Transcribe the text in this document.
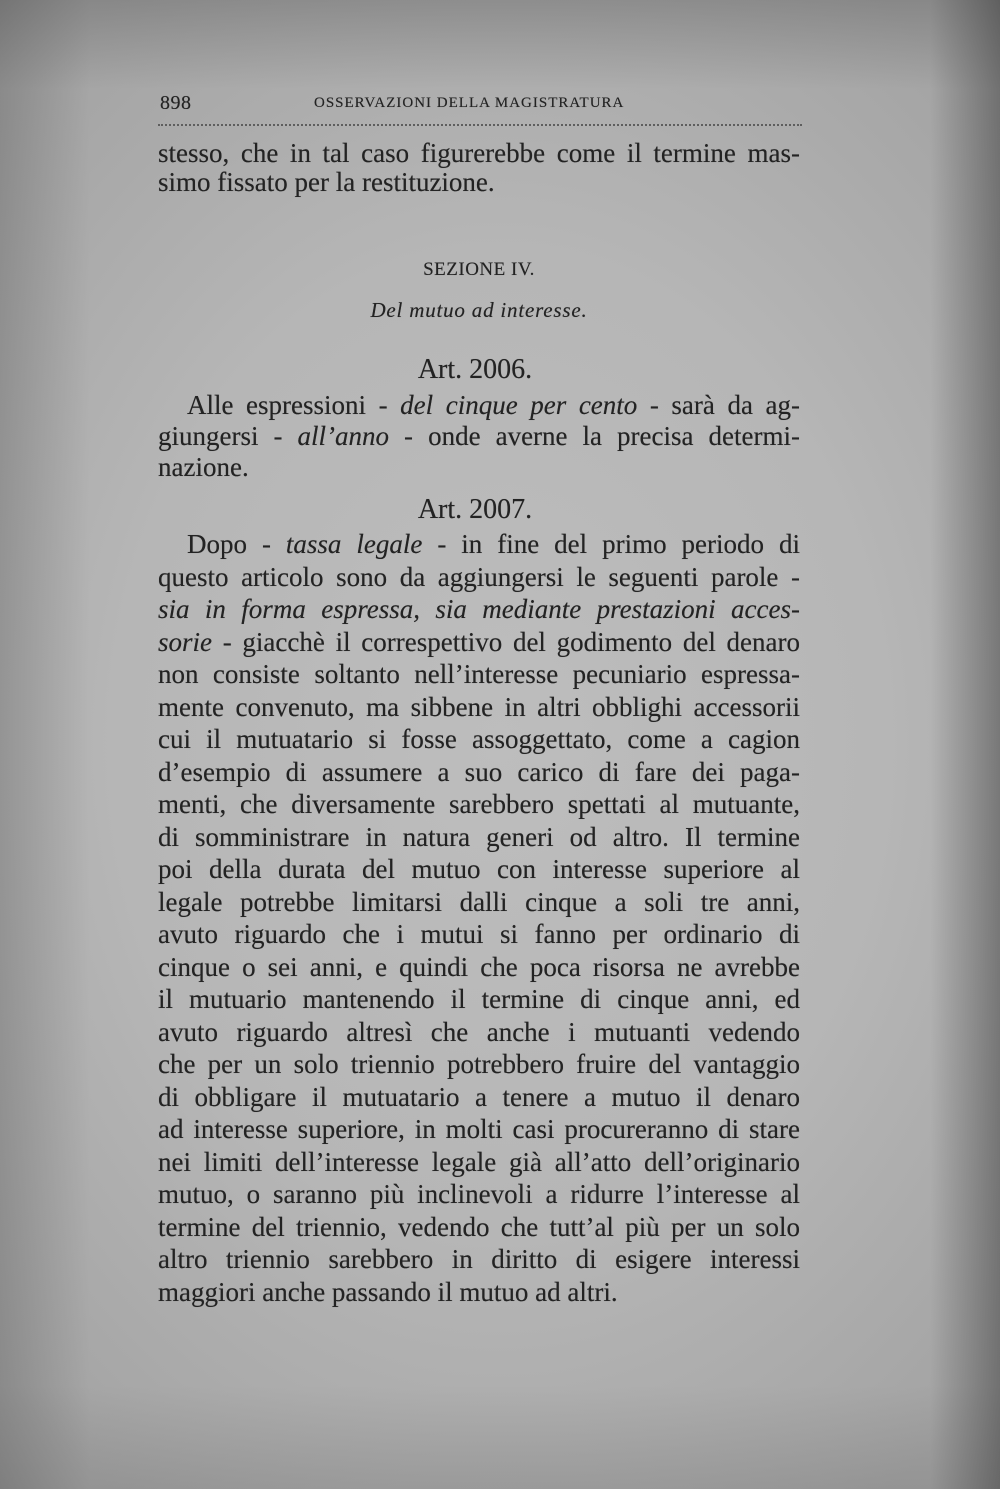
898	OSSERVAZIONI DELLA MAGISTRATURA
stesso, che in tal caso figurerebbe come il termine mas-
simo fissato per la restituzione.
SEZIONE IV.
Del mutuo ad interesse.
Art. 2006.
Alle espressioni - del cinque per cento - sarà da ag-
giungersi - all’anno - onde averne la precisa determi-
nazione.
Art. 2007.
Dopo - tassa legale - in fine del primo periodo di
questo articolo sono da aggiungersi le seguenti parole -
sia in forma espressa, sia mediante prestazioni acces-
sorie - giacchè il correspettivo del godimento del denaro
non consiste soltanto nell’interesse pecuniario espressa-
mente convenuto, ma sibbene in altri obblighi accessorii
cui il mutuatario si fosse assoggettato, come a cagion
d’esempio di assumere a suo carico di fare dei paga-
menti, che diversamente sarebbero spettati al mutuante,
di somministrare in natura generi od altro. Il termine
poi della durata del mutuo con interesse superiore al
legale potrebbe limitarsi dalli cinque a soli tre anni,
avuto riguardo che i mutui si fanno per ordinario di
cinque o sei anni, e quindi che poca risorsa ne avrebbe
il mutuario mantenendo il termine di cinque anni, ed
avuto riguardo altresì che anche i mutuanti vedendo
che per un solo triennio potrebbero fruire del vantaggio
di obbligare il mutuatario a tenere a mutuo il denaro
ad interesse superiore, in molti casi procureranno di stare
nei limiti dell’interesse legale già all’atto dell’originario
mutuo, o saranno più inclinevoli a ridurre l’interesse al
termine del triennio, vedendo che tutt’al più per un solo
altro triennio sarebbero in diritto di esigere interessi
maggiori anche passando il mutuo ad altri.
